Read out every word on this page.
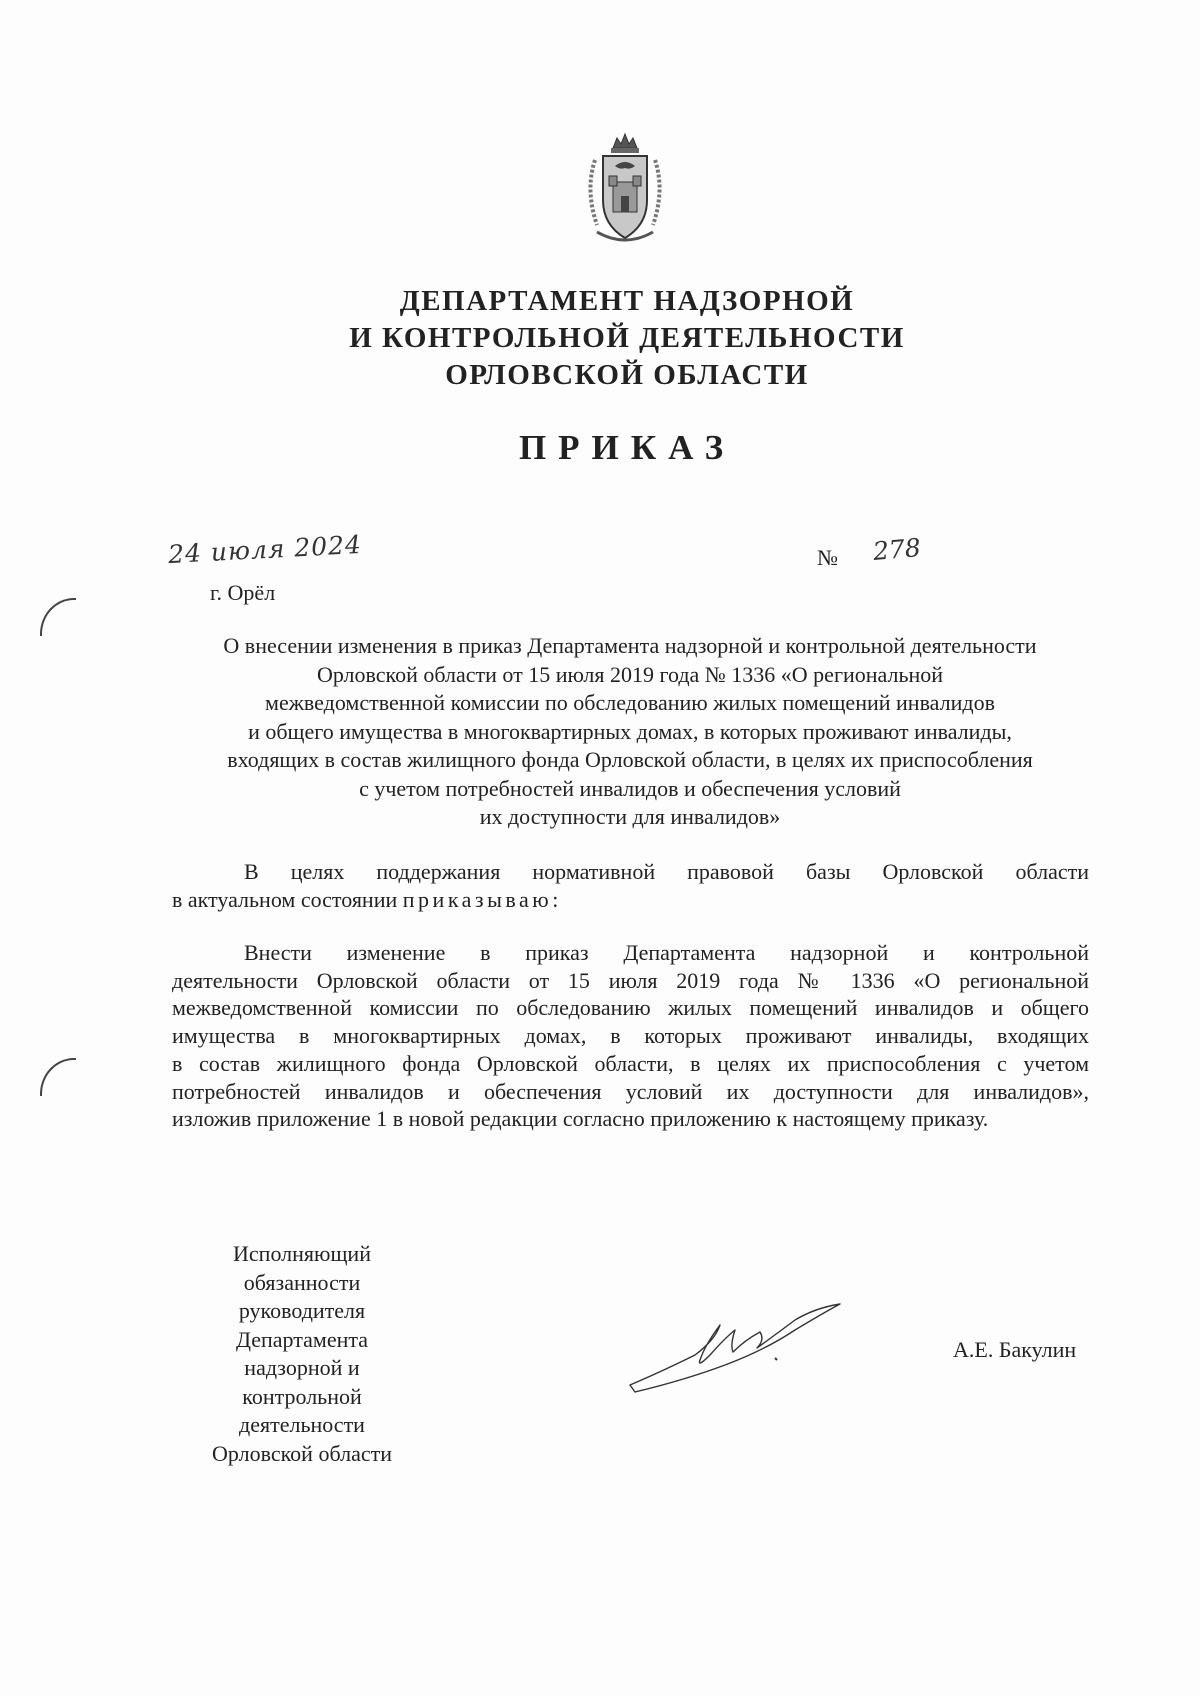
ДЕПАРТАМЕНТ НАДЗОРНОЙ
И КОНТРОЛЬНОЙ ДЕЯТЕЛЬНОСТИ
ОРЛОВСКОЙ ОБЛАСТИ
ПРИКАЗ
24 июля 2024	№ 278
г. Орёл
О внесении изменения в приказ Департамента надзорной и контрольной деятельности
Орловской области от 15 июля 2019 года № 1336 «О региональной
межведомственной комиссии по обследованию жилых помещений инвалидов
и общего имущества в многоквартирных домах, в которых проживают инвалиды,
входящих в состав жилищного фонда Орловской области, в целях их приспособления
с учетом потребностей инвалидов и обеспечения условий
их доступности для инвалидов»
В целях поддержания нормативной правовой базы Орловской области
в актуальном состоянии приказываю:
Внести изменение в приказ Департамента надзорной и контрольной
деятельности Орловской области от 15 июля 2019 года № 1336 «О региональной
межведомственной комиссии по обследованию жилых помещений инвалидов и общего
имущества в многоквартирных домах, в которых проживают инвалиды, входящих
в состав жилищного фонда Орловской области, в целях их приспособления с учетом
потребностей инвалидов и обеспечения условий их доступности для инвалидов»,
изложив приложение 1 в новой редакции согласно приложению к настоящему приказу.
Исполняющий
обязанности
руководителя
Департамента
надзорной и
контрольной
деятельности
Орловской области
А.Е. Бакулин
